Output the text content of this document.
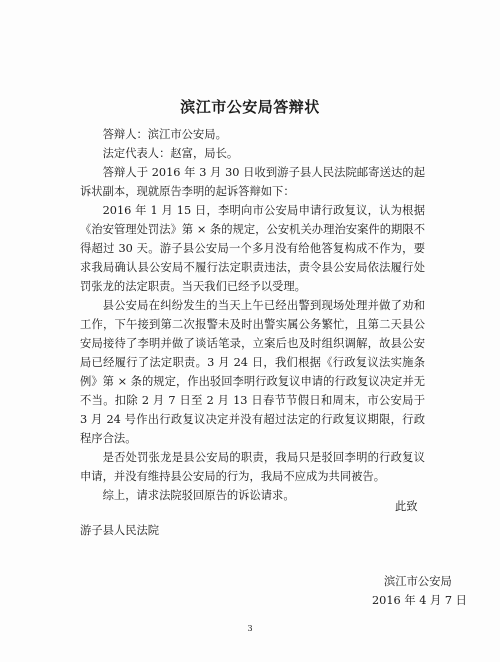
滨江市公安局答辩状

答辩人：滨江市公安局。

法定代表人：赵富，局长。

答辩人于 2016 年 3 月 30 日收到游子县人民法院邮寄送达的起诉状副本，现就原告李明的起诉答辩如下：

2016 年 1 月 15 日，李明向市公安局申请行政复议，认为根据《治安管理处罚法》第 × 条的规定，公安机关办理治安案件的期限不得超过 30 天。游子县公安局一个多月没有给他答复构成不作为，要求我局确认县公安局不履行法定职责违法，责令县公安局依法履行处罚张龙的法定职责。当天我们已经予以受理。

县公安局在纠纷发生的当天上午已经出警到现场处理并做了劝和工作，下午接到第二次报警未及时出警实属公务繁忙，且第二天县公安局接待了李明并做了谈话笔录，立案后也及时组织调解，故县公安局已经履行了法定职责。3 月 24 日，我们根据《行政复议法实施条例》第 × 条的规定，作出驳回李明行政复议申请的行政复议决定并无不当。扣除 2 月 7 日至 2 月 13 日春节节假日和周末，市公安局于 3 月 24 号作出行政复议决定并没有超过法定的行政复议期限，行政程序合法。

是否处罚张龙是县公安局的职责，我局只是驳回李明的行政复议申请，并没有维持县公安局的行为，我局不应成为共同被告。

综上，请求法院驳回原告的诉讼请求。

此致
游子县人民法院
滨江市公安局
2016 年 4 月 7 日
3
